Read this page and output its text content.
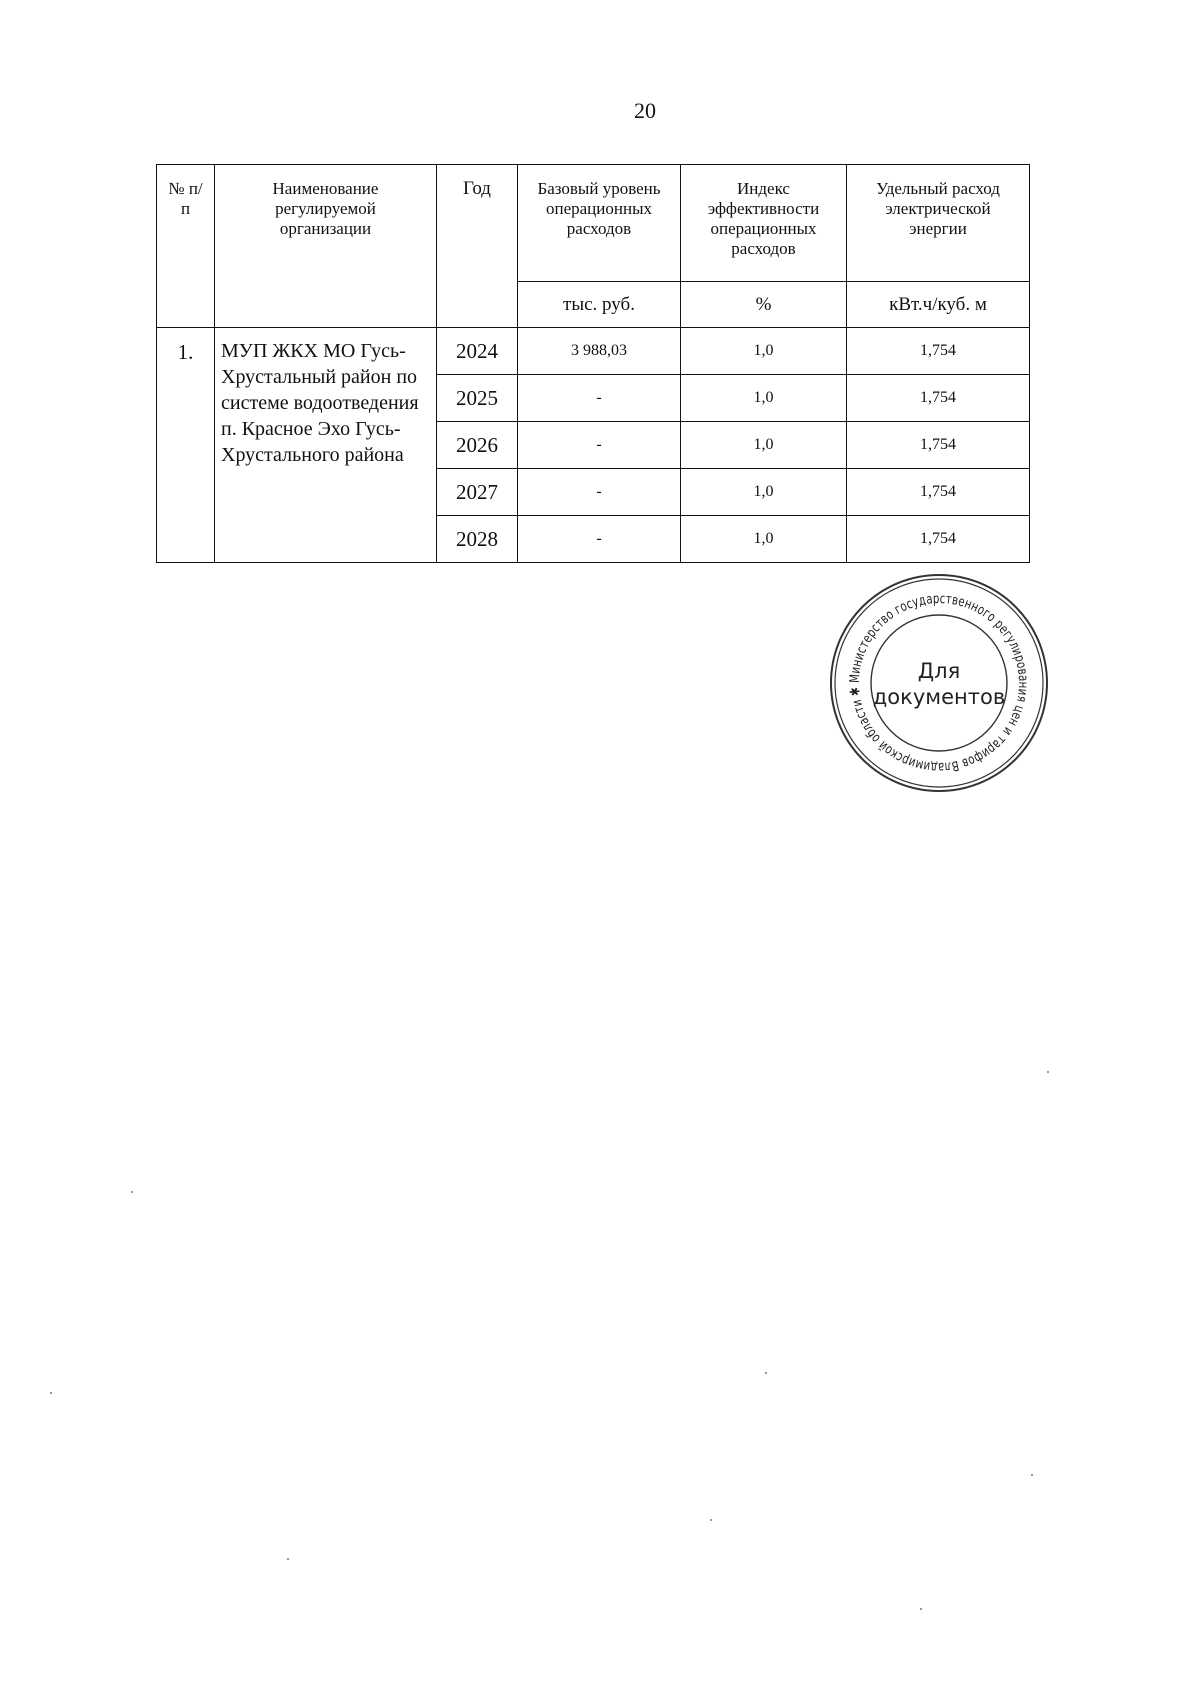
20
№ п/п	Наименование регулируемой организации	Год	Базовый уровень операционных расходов	Индекс эффективности операционных расходов	Удельный расход электрической энергии
			тыс. руб.	%	кВт.ч/куб. м
1.	МУП ЖКХ МО Гусь-Хрустальный район по системе водоотведения п. Красное Эхо Гусь-Хрустального района	2024	3 988,03	1,0	1,754
		2025	-	1,0	1,754
		2026	-	1,0	1,754
		2027	-	1,0	1,754
		2028	-	1,0	1,754
Министерство государственного регулирования цен и тарифов Владимирской области ✱
Для
документов
